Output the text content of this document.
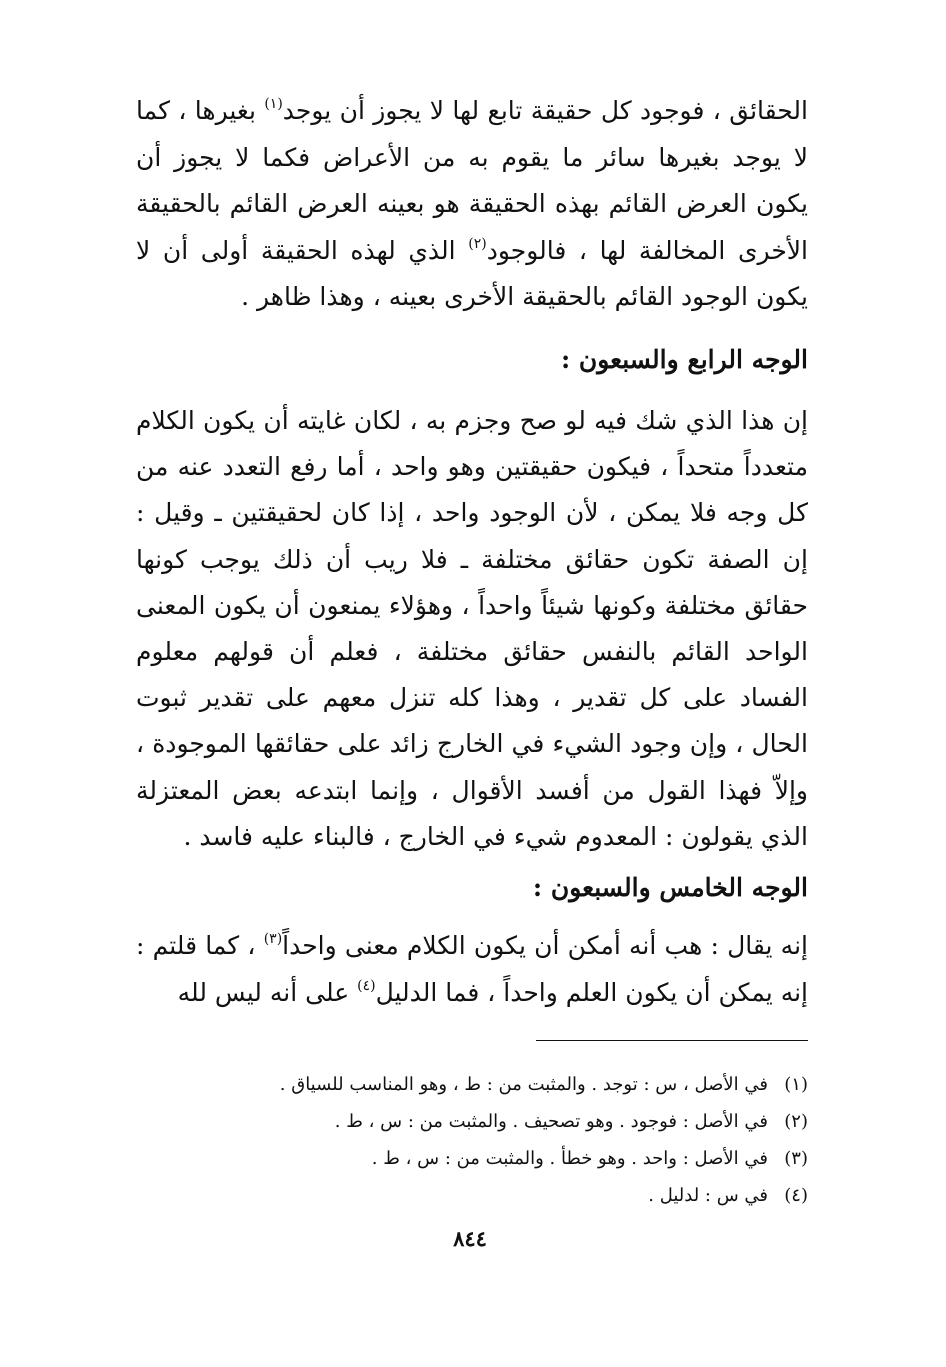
الحقائق ، فوجود كل حقيقة تابع لها لا يجوز أن يوجد$^{(١)}$ بغيرها ، كما لا يوجد بغيرها سائر ما يقوم به من الأعراض فكما لا يجوز أن يكون العرض القائم بهذه الحقيقة هو بعينه العرض القائم بالحقيقة الأخرى المخالفة لها ، فالوجود$^{(٢)}$ الذي لهذه الحقيقة أولى أن لا يكون الوجود القائم بالحقيقة الأخرى بعينه ، وهذا ظاهر .

الوجه الرابع والسبعون :

إن هذا الذي شك فيه لو صح وجزم به ، لكان غايته أن يكون الكلام متعدداً متحداً ، فيكون حقيقتين وهو واحد ، أما رفع التعدد عنه من كل وجه فلا يمكن ، لأن الوجود واحد ، إذا كان لحقيقتين ـ وقيل : إن الصفة تكون حقائق مختلفة ـ فلا ريب أن ذلك يوجب كونها حقائق مختلفة وكونها شيئاً واحداً ، وهؤلاء يمنعون أن يكون المعنى الواحد القائم بالنفس حقائق مختلفة ، فعلم أن قولهم معلوم الفساد على كل تقدير ، وهذا كله تنزل معهم على تقدير ثبوت الحال ، وإن وجود الشيء في الخارج زائد على حقائقها الموجودة ، وإلاّ فهذا القول من أفسد الأقوال ، وإنما ابتدعه بعض المعتزلة الذي يقولون : المعدوم شيء في الخارج ، فالبناء عليه فاسد .

الوجه الخامس والسبعون :

إنه يقال : هب أنه أمكن أن يكون الكلام معنى واحداً$^{(٣)}$ ، كما قلتم : إنه يمكن أن يكون العلم واحداً ، فما الدليل$^{(٤)}$ على أنه ليس لله

(١)في الأصل ، س : توجد . والمثبت من : ط ، وهو المناسب للسياق .
(٢)في الأصل : فوجود . وهو تصحيف . والمثبت من : س ، ط .
(٣)في الأصل : واحد . وهو خطأ . والمثبت من : س ، ط .
(٤)في س : لدليل .
٨٤٤
